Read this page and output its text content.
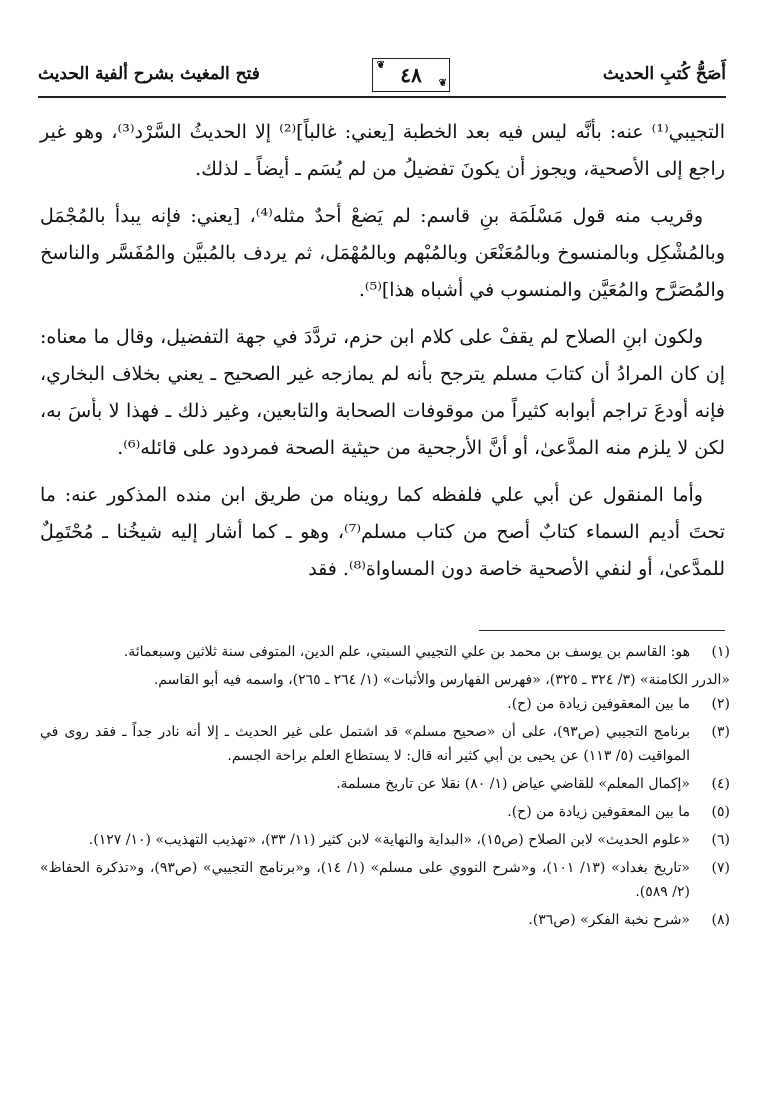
أَصَحُّ كُتبِ الحديث
❦ ٤٨ ❦
فتح المغيث بشرح ألفية الحديث

التجيبي⁽¹⁾ عنه: بأنَّه ليس فيه بعد الخطبة [يعني: غالباً]⁽²⁾ إلا الحديثُ السَّرْد⁽³⁾، وهو غير راجع إلى الأصحية، ويجوز أن يكونَ تفضيلُ من لم يُسَم ـ أيضاً ـ لذلك.

وقريب منه قول مَسْلَمَة بنِ قاسم: لم يَضعْ أحدٌ مثله⁽⁴⁾، [يعني: فإنه يبدأ بالمُجْمَل وبالمُشْكِل وبالمنسوخ وبالمُعَنْعَن وبالمُبْهم وبالمُهْمَل، ثم يردف بالمُبيَّن والمُفَسَّر والناسخ والمُصَرَّح والمُعَيَّن والمنسوب في أشباه هذا]⁽⁵⁾.

ولكون ابنِ الصلاح لم يقفْ على كلام ابن حزم، تردَّدَ في جهة التفضيل، وقال ما معناه: إن كان المرادُ أن كتابَ مسلم يترجح بأنه لم يمازجه غير الصحيح ـ يعني بخلاف البخاري، فإنه أودعَ تراجم أبوابه كثيراً من موقوفات الصحابة والتابعين، وغير ذلك ـ فهذا لا بأسَ به، لكن لا يلزم منه المدَّعىٰ، أو أنَّ الأرجحية من حيثية الصحة فمردود على قائله⁽⁶⁾.

وأما المنقول عن أبي علي فلفظه كما رويناه من طريق ابن منده المذكور عنه: ما تحتَ أديم السماء كتابٌ أصح من كتاب مسلم⁽⁷⁾، وهو ـ كما أشار إليه شيخُنا ـ مُحْتَمِلٌ للمدَّعىٰ، أو لنفي الأصحية خاصة دون المساواة⁽⁸⁾. فقد

(١)
هو: القاسم بن يوسف بن محمد بن علي التجيبي السبتي، علم الدين، المتوفى سنة ثلاثين وسبعمائة.
«الدرر الكامنة» (٣/ ٣٢٤ ـ ٣٢٥)، «فهرس الفهارس والأثبات» (١/ ٢٦٤ ـ ٢٦٥)، واسمه فيه أبو القاسم.
(٢)
ما بين المعقوفين زيادة من (ح).
(٣)
برنامج التجيبي (ص٩٣)، على أن «صحيح مسلم» قد اشتمل على غير الحديث ـ إلا أنه نادر جداً ـ فقد روى في المواقيت (٥/ ١١٣) عن يحيى بن أبي كثير أنه قال: لا يستطاع العلم براحة الجسم.
(٤)
«إكمال المعلم» للقاضي عياض (١/ ٨٠) نقلا عن تاريخ مسلمة.
(٥)
ما بين المعقوفين زيادة من (ح).
(٦)
«علوم الحديث» لابن الصلاح (ص١٥)، «البداية والنهاية» لابن كثير (١١/ ٣٣)، «تهذيب التهذيب» (١٠/ ١٢٧).
(٧)
«تاريخ بغداد» (١٣/ ١٠١)، و«شرح النووي على مسلم» (١/ ١٤)، و«برنامج التجيبي» (ص٩٣)، و«تذكرة الحفاظ» (٢/ ٥٨٩).
(٨)
«شرح نخبة الفكر» (ص٣٦).
